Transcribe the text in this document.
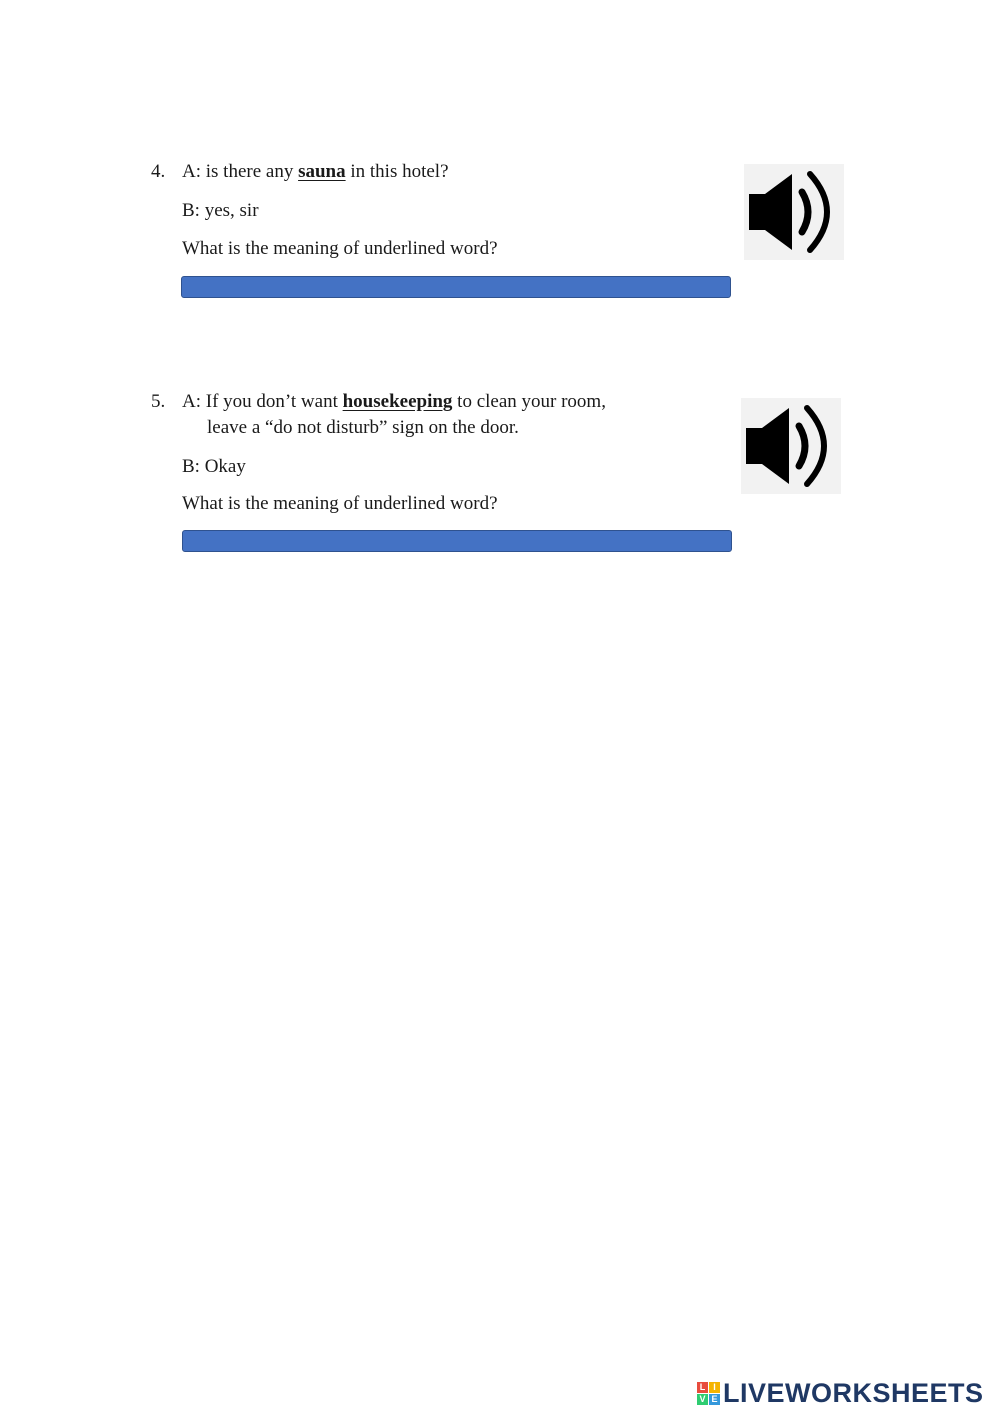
4. A: is there any sauna in this hotel?
B: yes, sir
What is the meaning of underlined word?
5. A: If you don’t want housekeeping to clean your room,
leave a “do not disturb” sign on the door.
B: Okay
What is the meaning of underlined word?
L I
V E LIVEWORKSHEETS
